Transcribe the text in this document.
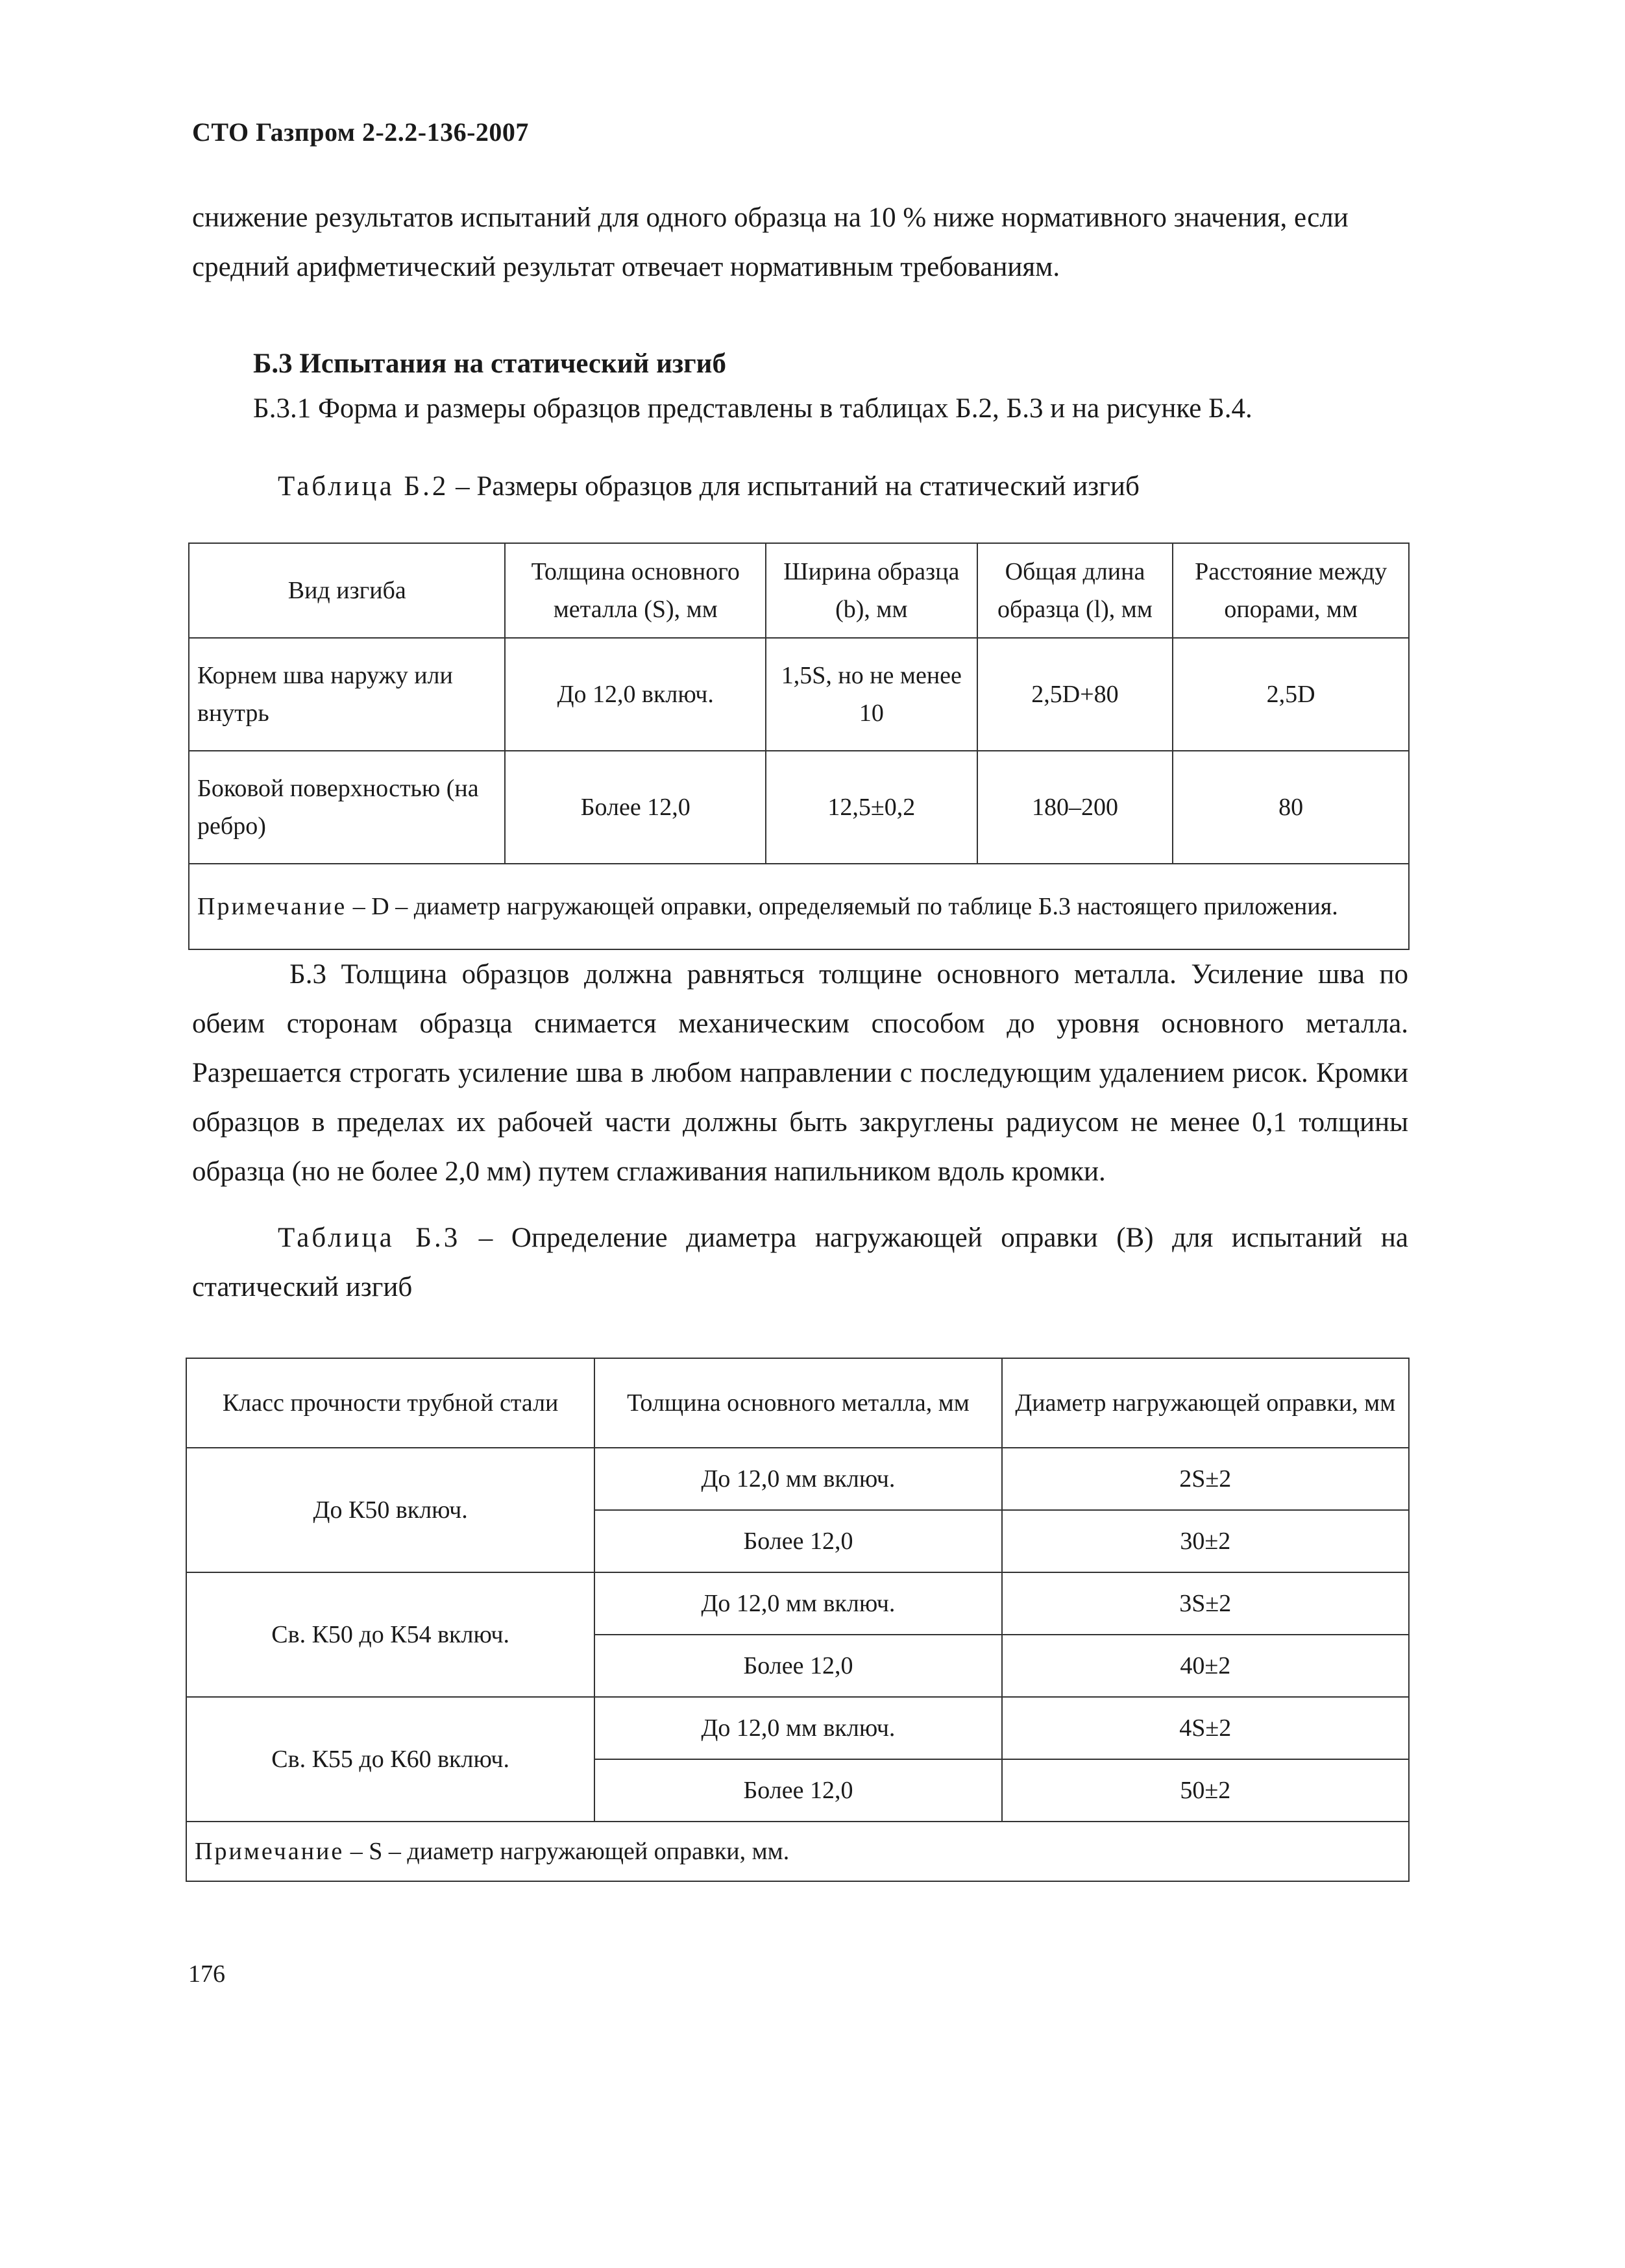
СТО Газпром 2-2.2-136-2007
снижение результатов испытаний для одного образца на 10 % ниже нормативного значения, если средний арифметический результат отвечает нормативным требованиям.
Б.3 Испытания на статический изгиб
Б.3.1 Форма и размеры образцов представлены в таблицах Б.2, Б.3 и на рисунке Б.4.
Таблица Б.2 – Размеры образцов для испытаний на статический изгиб
Вид изгиба	Толщина основного металла (S), мм	Ширина образца (b), мм	Общая длина образца (l), мм	Расстояние между опорами, мм
Корнем шва наружу или внутрь	До 12,0 включ.	1,5S, но не менее 10	2,5D+80	2,5D
Боковой поверхностью (на ребро)	Более 12,0	12,5±0,2	180–200	80
Примечание – D – диаметр нагружающей оправки, определяемый по таблице Б.3 настоящего приложения.				
Б.3 Толщина образцов должна равняться толщине основного металла. Усиление шва по обеим сторонам образца снимается механическим способом до уровня основного металла. Разрешается строгать усиление шва в любом направлении с последующим удалением рисок. Кромки образцов в пределах их рабочей части должны быть закруглены радиусом не менее 0,1 толщины образца (но не более 2,0 мм) путем сглаживания напильником вдоль кромки.
Таблица Б.3 – Определение диаметра нагружающей оправки (В) для испытаний на статический изгиб
Класс прочности трубной стали	Толщина основного металла, мм	Диаметр нагружающей оправки, мм
До К50 включ.	До 12,0 мм включ.	2S±2
	Более 12,0	30±2
Св. К50 до К54 включ.	До 12,0 мм включ.	3S±2
	Более 12,0	40±2
Св. К55 до К60 включ.	До 12,0 мм включ.	4S±2
	Более 12,0	50±2
Примечание – S – диаметр нагружающей оправки, мм.		
176
